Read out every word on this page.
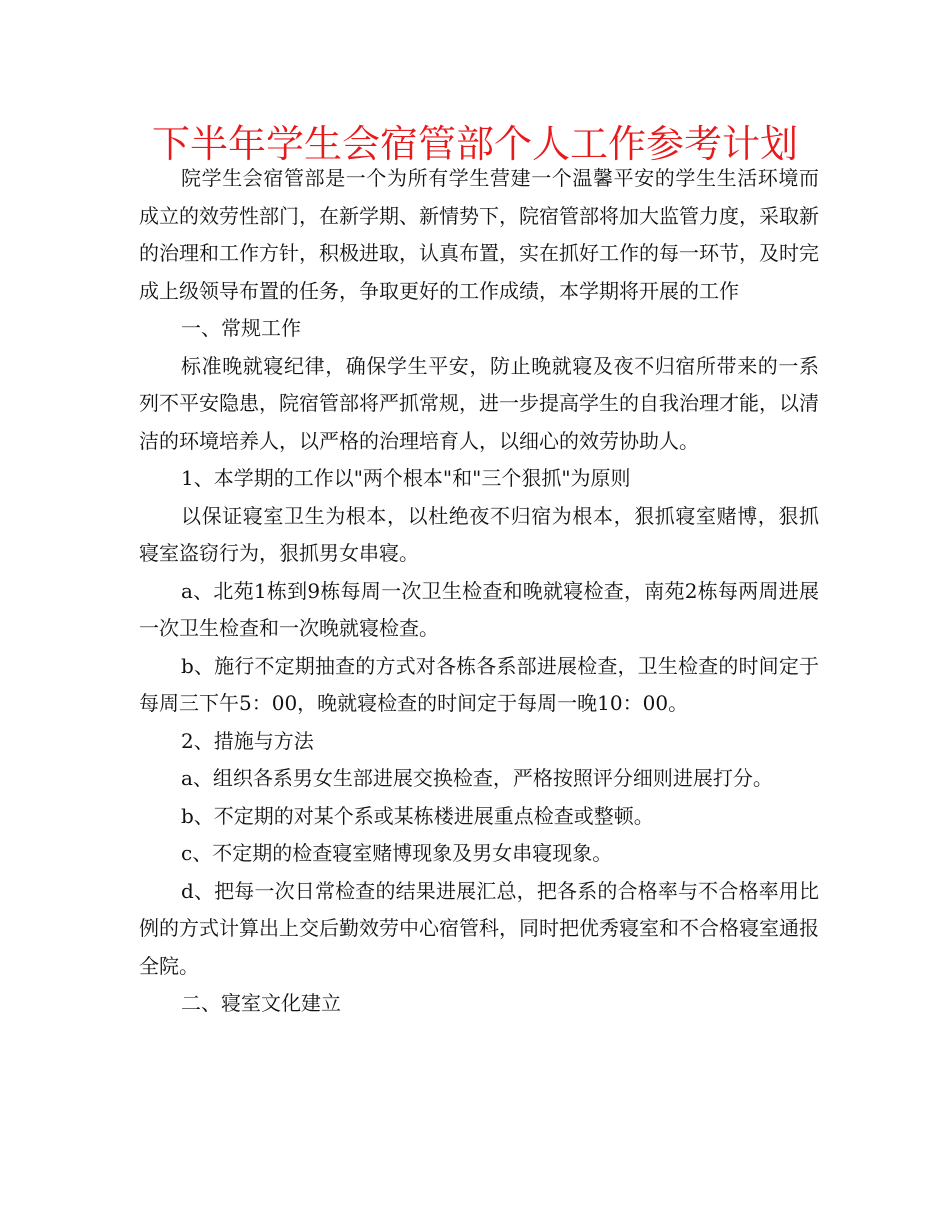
下半年学生会宿管部个人工作参考计划

院学生会宿管部是一个为所有学生营建一个温馨平安的学生生活环境而成立的效劳性部门，在新学期、新情势下，院宿管部将加大监管力度，采取新的治理和工作方针，积极进取，认真布置，实在抓好工作的每一环节，及时完成上级领导布置的任务，争取更好的工作成绩，本学期将开展的工作

一、常规工作

标准晚就寝纪律，确保学生平安，防止晚就寝及夜不归宿所带来的一系列不平安隐患，院宿管部将严抓常规，进一步提高学生的自我治理才能，以清洁的环境培养人，以严格的治理培育人，以细心的效劳协助人。

1、本学期的工作以"两个根本"和"三个狠抓"为原则

以保证寝室卫生为根本，以杜绝夜不归宿为根本，狠抓寝室赌博，狠抓寝室盗窃行为，狠抓男女串寝。

a、北苑1栋到9栋每周一次卫生检查和晚就寝检查，南苑2栋每两周进展一次卫生检查和一次晚就寝检查。

b、施行不定期抽查的方式对各栋各系部进展检查，卫生检查的时间定于每周三下午5：00，晚就寝检查的时间定于每周一晚10：00。

2、措施与方法

a、组织各系男女生部进展交换检查，严格按照评分细则进展打分。

b、不定期的对某个系或某栋楼进展重点检查或整顿。

c、不定期的检查寝室赌博现象及男女串寝现象。

d、把每一次日常检查的结果进展汇总，把各系的合格率与不合格率用比例的方式计算出上交后勤效劳中心宿管科，同时把优秀寝室和不合格寝室通报全院。

二、寝室文化建立
